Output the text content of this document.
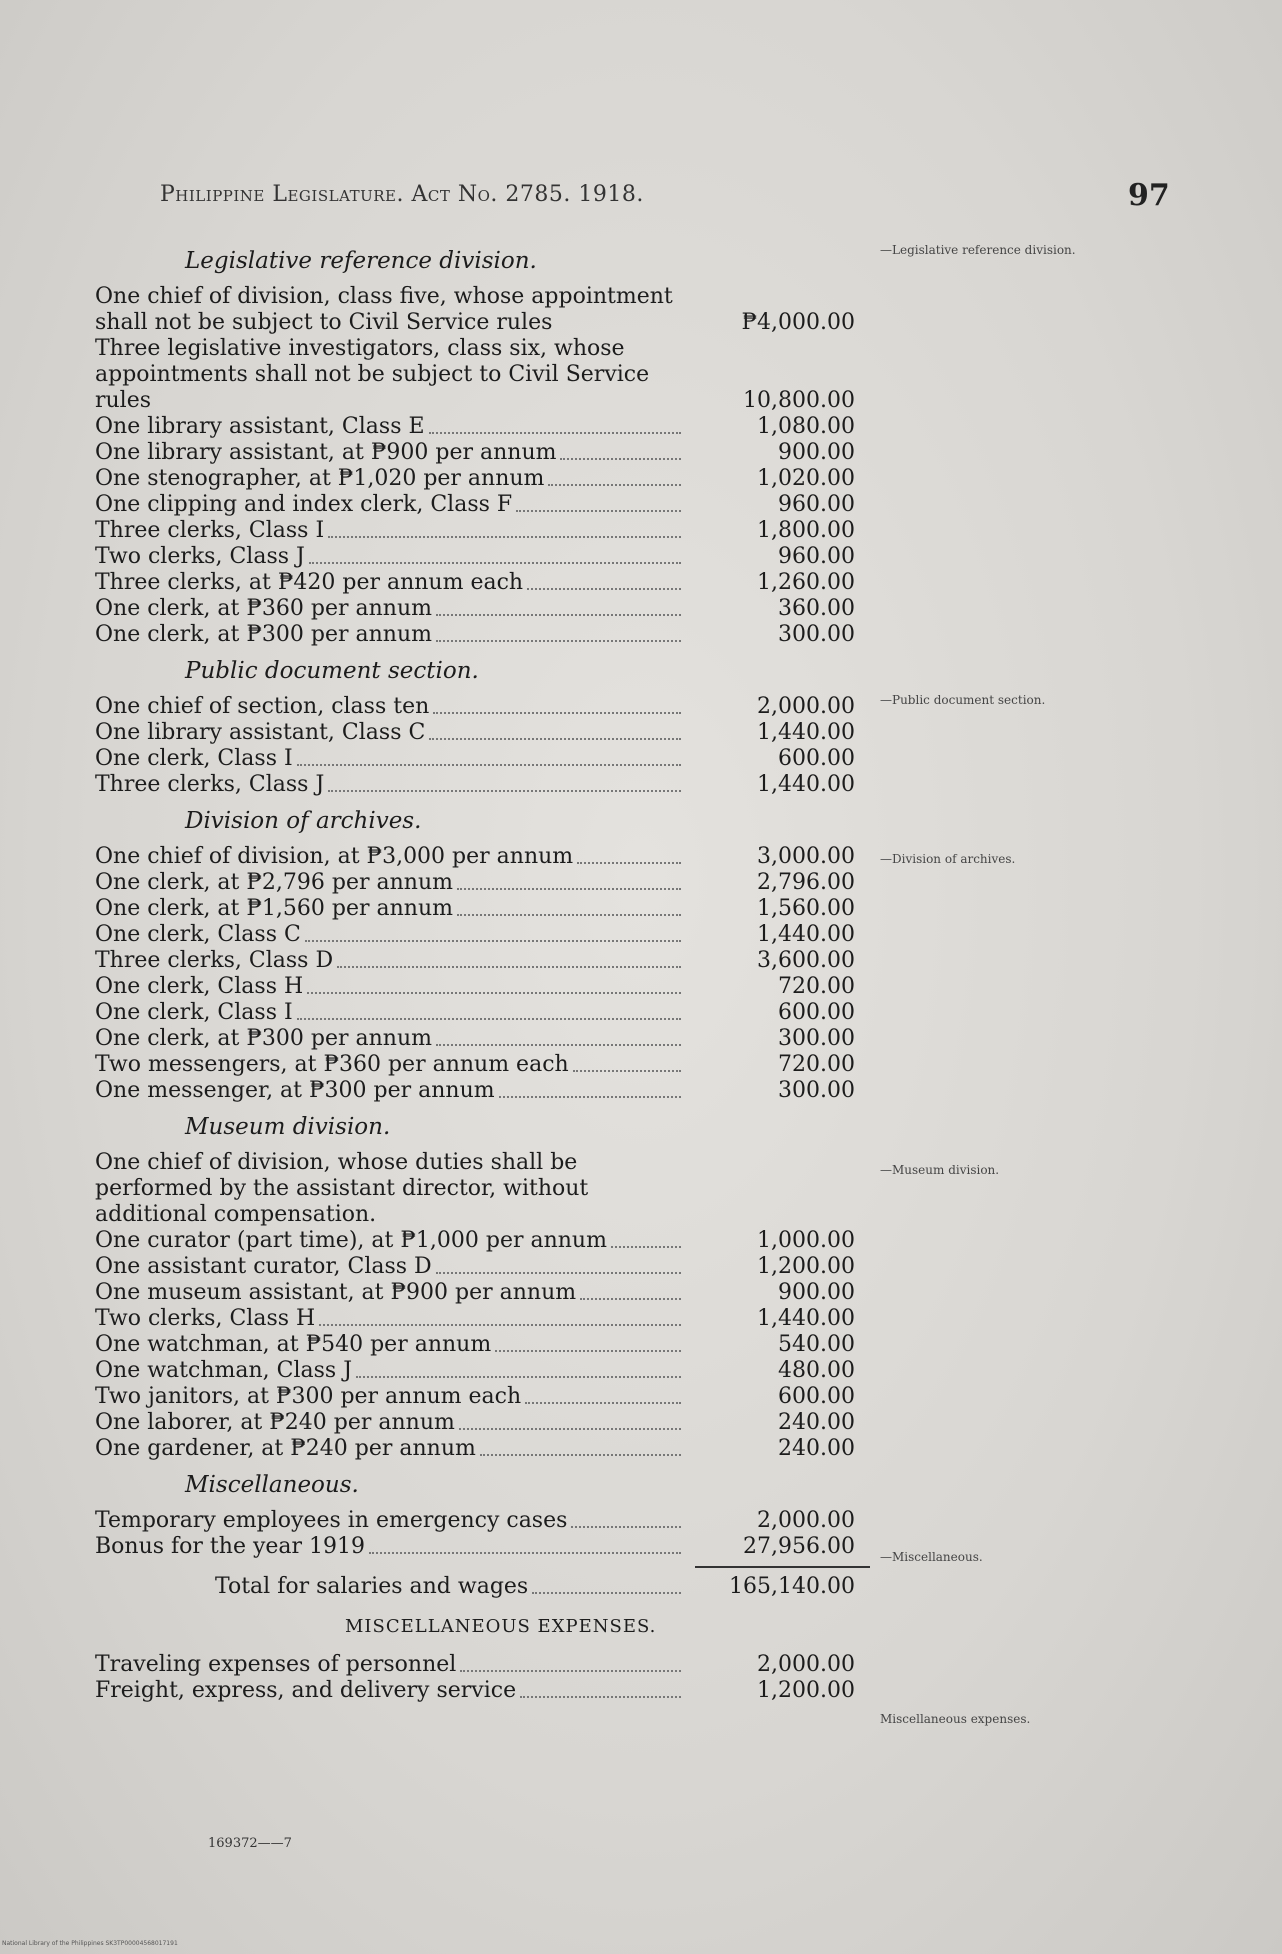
Philippine Legislature. Act No. 2785. 1918.	97
—Legislative reference division.
—Public document section.
—Division of archives.
—Museum division.
—Miscellaneous.
Miscellaneous expenses.
Legislative reference division.
One chief of division, class five, whose appointment shall not be subject to Civil Service rules	₱4,000.00
Three legislative investigators, class six, whose appointments shall not be subject to Civil Service rules	10,800.00
One library assistant, Class E	1,080.00
One library assistant, at ₱900 per annum	900.00
One stenographer, at ₱1,020 per annum	1,020.00
One clipping and index clerk, Class F	960.00
Three clerks, Class I	1,800.00
Two clerks, Class J	960.00
Three clerks, at ₱420 per annum each	1,260.00
One clerk, at ₱360 per annum	360.00
One clerk, at ₱300 per annum	300.00
Public document section.
One chief of section, class ten	2,000.00
One library assistant, Class C	1,440.00
One clerk, Class I	600.00
Three clerks, Class J	1,440.00
Division of archives.
One chief of division, at ₱3,000 per annum	3,000.00
One clerk, at ₱2,796 per annum	2,796.00
One clerk, at ₱1,560 per annum	1,560.00
One clerk, Class C	1,440.00
Three clerks, Class D	3,600.00
One clerk, Class H	720.00
One clerk, Class I	600.00
One clerk, at ₱300 per annum	300.00
Two messengers, at ₱360 per annum each	720.00
One messenger, at ₱300 per annum	300.00
Museum division.
One chief of division, whose duties shall be performed by the assistant director, without additional compensation.
One curator (part time), at ₱1,000 per annum	1,000.00
One assistant curator, Class D	1,200.00
One museum assistant, at ₱900 per annum	900.00
Two clerks, Class H	1,440.00
One watchman, at ₱540 per annum	540.00
One watchman, Class J	480.00
Two janitors, at ₱300 per annum each	600.00
One laborer, at ₱240 per annum	240.00
One gardener, at ₱240 per annum	240.00
Miscellaneous.
Temporary employees in emergency cases	2,000.00
Bonus for the year 1919	27,956.00
Total for salaries and wages	165,140.00
MISCELLANEOUS EXPENSES.
Traveling expenses of personnel	2,000.00
Freight, express, and delivery service	1,200.00
169372——7
National Library of the Philippines SK3TP00004568017191
